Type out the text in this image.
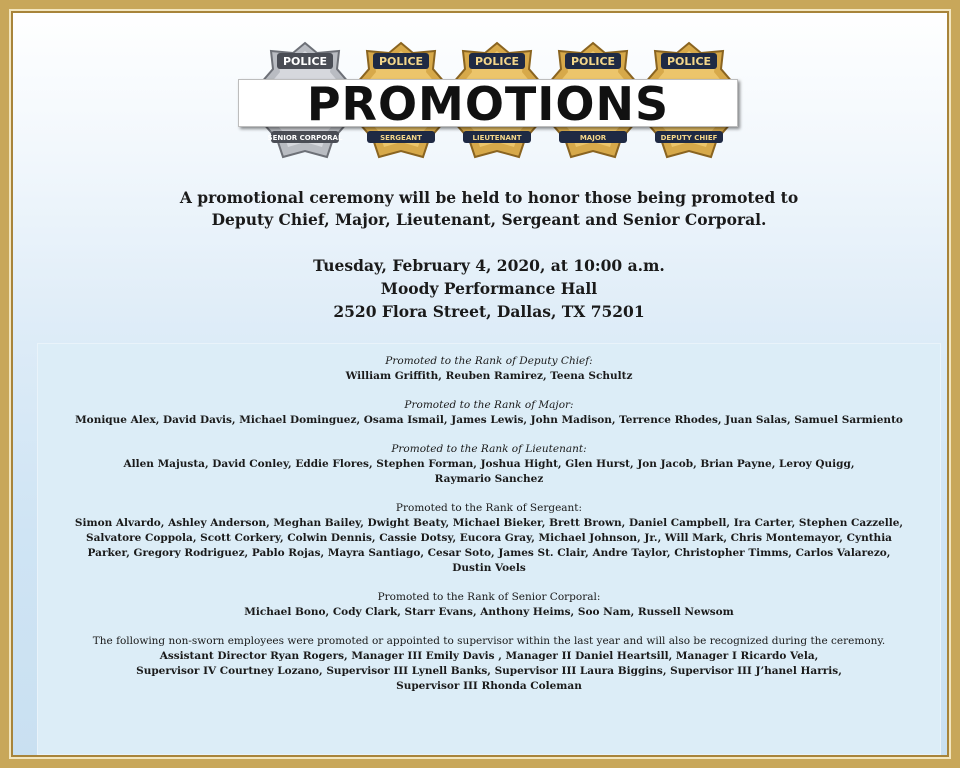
POLICE
SENIOR CORPORAL
POLICE
SERGEANT
POLICE
LIEUTENANT
POLICE
MAJOR
POLICE
DEPUTY CHIEF
PROMOTIONS
A promotional ceremony will be held to honor those being promoted to
Deputy Chief, Major, Lieutenant, Sergeant and Senior Corporal.
Tuesday, February 4, 2020, at 10:00 a.m.
Moody Performance Hall
2520 Flora Street, Dallas, TX 75201
Promoted to the Rank of Deputy Chief:
William Griffith, Reuben Ramirez, Teena Schultz
Promoted to the Rank of Major:
Monique Alex, David Davis, Michael Dominguez, Osama Ismail, James Lewis, John Madison, Terrence Rhodes, Juan Salas, Samuel Sarmiento
Promoted to the Rank of Lieutenant:
Allen Majusta, David Conley, Eddie Flores, Stephen Forman, Joshua Hight, Glen Hurst, Jon Jacob, Brian Payne, Leroy Quigg,
Raymario Sanchez
Promoted to the Rank of Sergeant:
Simon Alvardo, Ashley Anderson, Meghan Bailey, Dwight Beaty, Michael Bieker, Brett Brown, Daniel Campbell, Ira Carter, Stephen Cazzelle,
Salvatore Coppola, Scott Corkery, Colwin Dennis, Cassie Dotsy, Eucora Gray, Michael Johnson, Jr., Will Mark, Chris Montemayor, Cynthia
Parker, Gregory Rodriguez, Pablo Rojas, Mayra Santiago, Cesar Soto, James St. Clair, Andre Taylor, Christopher Timms, Carlos Valarezo,
Dustin Voels
Promoted to the Rank of Senior Corporal:
Michael Bono, Cody Clark, Starr Evans, Anthony Heims, Soo Nam, Russell Newsom
The following non-sworn employees were promoted or appointed to supervisor within the last year and will also be recognized during the ceremony.
Assistant Director Ryan Rogers, Manager III Emily Davis , Manager II Daniel Heartsill, Manager I Ricardo Vela,
Supervisor IV Courtney Lozano, Supervisor III Lynell Banks, Supervisor III Laura Biggins, Supervisor III J’hanel Harris,
Supervisor III Rhonda Coleman
